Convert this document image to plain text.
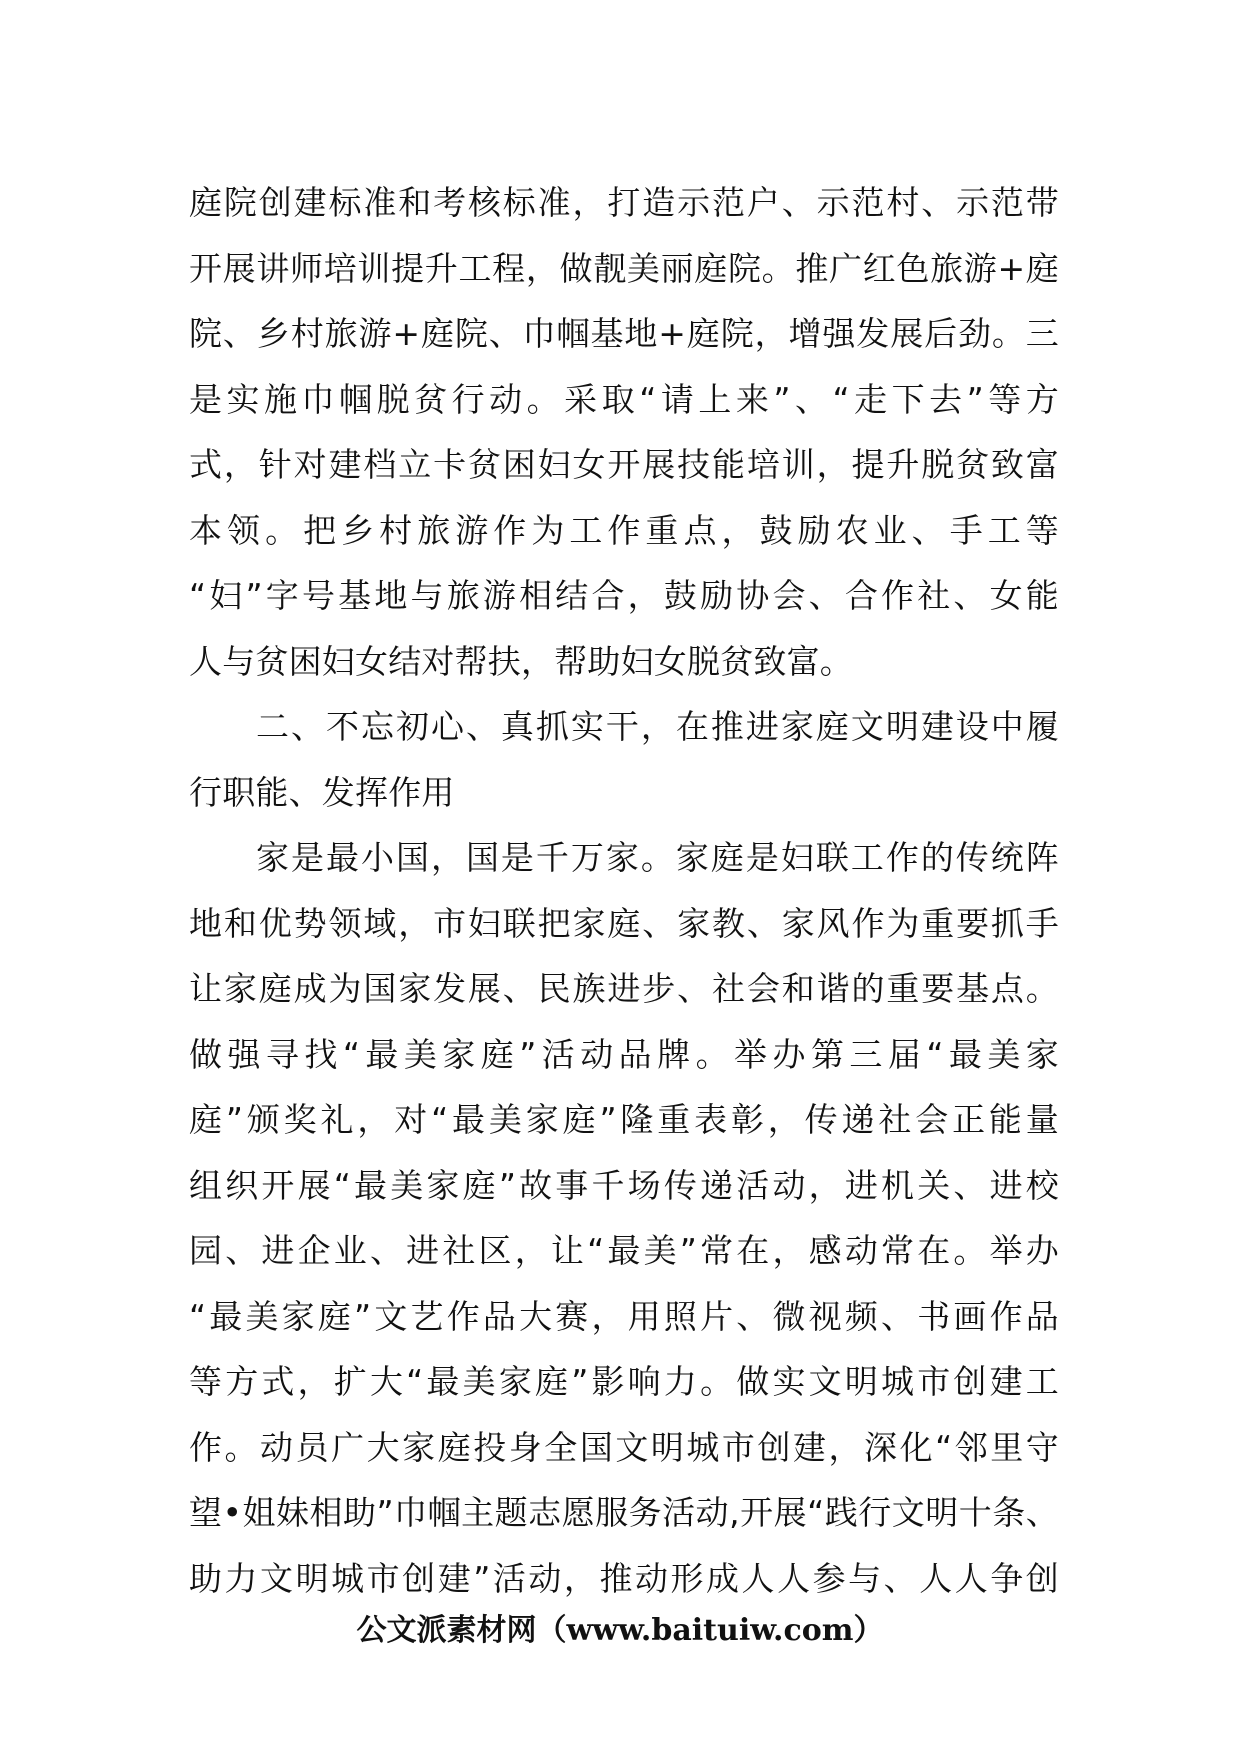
庭院创建标准和考核标准，打造示范户、示范村、示范带
开展讲师培训提升工程，做靓美丽庭院。推广红色旅游+庭
院、乡村旅游+庭院、巾帼基地+庭院，增强发展后劲。三
是实施巾帼脱贫行动。采取“请上来”、“走下去”等方
式，针对建档立卡贫困妇女开展技能培训，提升脱贫致富
本领。把乡村旅游作为工作重点，鼓励农业、手工等
“妇”字号基地与旅游相结合，鼓励协会、合作社、女能
人与贫困妇女结对帮扶，帮助妇女脱贫致富。
二、不忘初心、真抓实干，在推进家庭文明建设中履
行职能、发挥作用
家是最小国，国是千万家。家庭是妇联工作的传统阵
地和优势领域，市妇联把家庭、家教、家风作为重要抓手
让家庭成为国家发展、民族进步、社会和谐的重要基点。
做强寻找“最美家庭”活动品牌。举办第三届“最美家
庭”颁奖礼，对“最美家庭”隆重表彰，传递社会正能量
组织开展“最美家庭”故事千场传递活动，进机关、进校
园、进企业、进社区，让“最美”常在，感动常在。举办
“最美家庭”文艺作品大赛，用照片、微视频、书画作品
等方式，扩大“最美家庭”影响力。做实文明城市创建工
作。动员广大家庭投身全国文明城市创建，深化“邻里守
望•姐妹相助”巾帼主题志愿服务活动,开展“践行文明十条、
助力文明城市创建”活动，推动形成人人参与、人人争创
公文派素材网（www.baituiw.com）
